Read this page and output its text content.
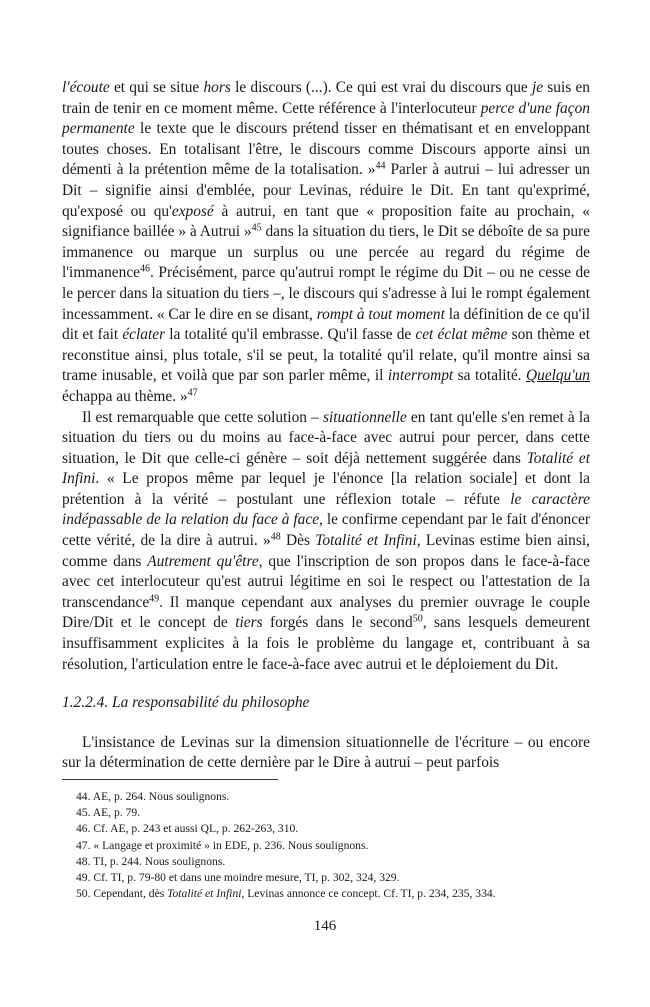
l'écoute et qui se situe hors le discours (...). Ce qui est vrai du discours que je suis en train de tenir en ce moment même. Cette référence à l'interlocuteur perce d'une façon permanente le texte que le discours prétend tisser en thématisant et en enveloppant toutes choses. En totalisant l'être, le discours comme Discours apporte ainsi un démenti à la prétention même de la totalisation. »$^{44}$ Parler à autrui – lui adresser un Dit – signifie ainsi d'emblée, pour Levinas, réduire le Dit. En tant qu'exprimé, qu'exposé ou qu'exposé à autrui, en tant que « proposition faite au prochain, « signifiance baillée » à Autrui »$^{45}$ dans la situation du tiers, le Dit se déboîte de sa pure immanence ou marque un surplus ou une percée au regard du régime de l'immanence$^{46}$. Précisément, parce qu'autrui rompt le régime du Dit – ou ne cesse de le percer dans la situation du tiers –, le discours qui s'adresse à lui le rompt également incessamment. « Car le dire en se disant, rompt à tout moment la définition de ce qu'il dit et fait éclater la totalité qu'il embrasse. Qu'il fasse de cet éclat même son thème et reconstitue ainsi, plus totale, s'il se peut, la totalité qu'il relate, qu'il montre ainsi sa trame inusable, et voilà que par son parler même, il interrompt sa totalité. Quelqu'un échappa au thème. »$^{47}$

Il est remarquable que cette solution – situationnelle en tant qu'elle s'en remet à la situation du tiers ou du moins au face-à-face avec autrui pour percer, dans cette situation, le Dit que celle-ci génère – soit déjà nettement suggérée dans Totalité et Infini. « Le propos même par lequel je l'énonce [la relation sociale] et dont la prétention à la vérité – postulant une réflexion totale – réfute le caractère indépassable de la relation du face à face, le confirme cependant par le fait d'énoncer cette vérité, de la dire à autrui. »$^{48}$ Dès Totalité et Infini, Levinas estime bien ainsi, comme dans Autrement qu'être, que l'inscription de son propos dans le face-à-face avec cet interlocuteur qu'est autrui légitime en soi le respect ou l'attestation de la transcendance$^{49}$. Il manque cependant aux analyses du premier ouvrage le couple Dire/Dit et le concept de tiers forgés dans le second$^{50}$, sans lesquels demeurent insuffisamment explicites à la fois le problème du langage et, contribuant à sa résolution, l'articulation entre le face-à-face avec autrui et le déploiement du Dit.

1.2.2.4. La responsabilité du philosophe

L'insistance de Levinas sur la dimension situationnelle de l'écriture – ou encore sur la détermination de cette dernière par le Dire à autrui – peut parfois

44. AE, p. 264. Nous soulignons.

45. AE, p. 79.

46. Cf. AE, p. 243 et aussi QL, p. 262-263, 310.

47. « Langage et proximité » in EDE, p. 236. Nous soulignons.

48. TI, p. 244. Nous soulignons.

49. Cf. TI, p. 79-80 et dans une moindre mesure, TI, p. 302, 324, 329.

50. Cependant, dès Totalité et Infini, Levinas annonce ce concept. Cf. TI, p. 234, 235, 334.

146
